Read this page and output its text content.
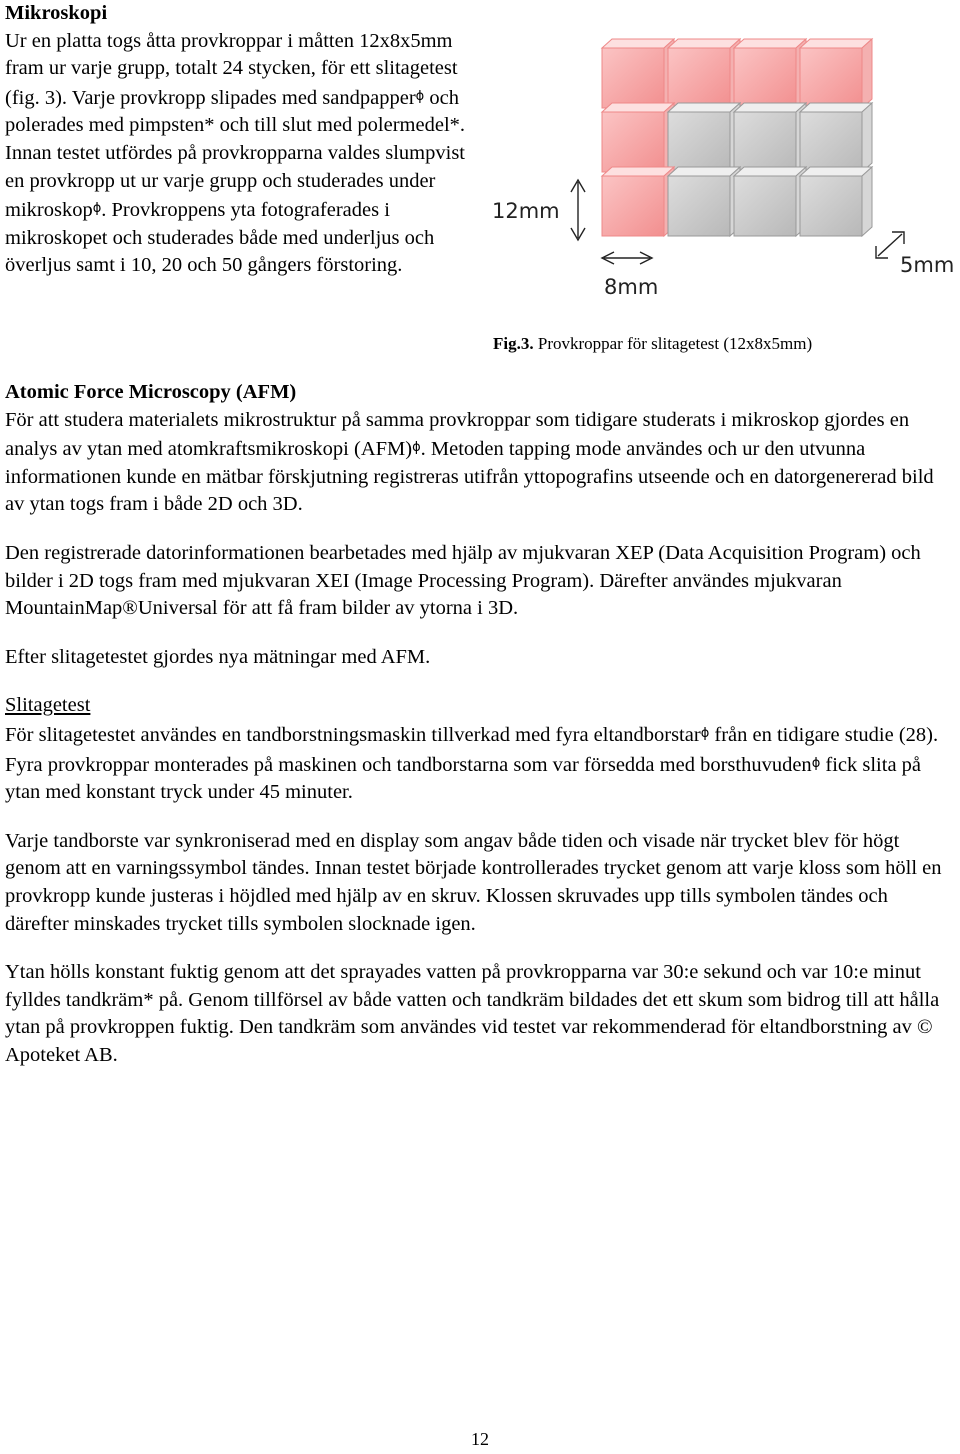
Mikroskopi

Ur en platta togs åtta provkroppar i måtten 12x8x5mm fram ur varje grupp, totalt 24 stycken, för ett slitagetest (fig. 3). Varje provkropp slipades med sandpapperɸ och polerades med pimpsten* och till slut med polermedel*. Innan testet utfördes på provkropparna valdes slumpvist en provkropp ut ur varje grupp och studerades under mikroskopɸ. Provkroppens yta fotograferades i mikroskopet och studerades både med underljus och överljus samt i 10, 20 och 50 gångers förstoring.

12mm
8mm
5mm
Fig.3. Provkroppar för slitagetest (12x8x5mm)

Atomic Force Microscopy (AFM)

För att studera materialets mikrostruktur på samma provkroppar som tidigare studerats i mikroskop gjordes en analys av ytan med atomkraftsmikroskopi (AFM)ɸ. Metoden tapping mode användes och ur den utvunna informationen kunde en mätbar förskjutning registreras utifrån yttopografins utseende och en datorgenererad bild av ytan togs fram i både 2D och 3D.

Den registrerade datorinformationen bearbetades med hjälp av mjukvaran XEP (Data Acquisition Program) och bilder i 2D togs fram med mjukvaran XEI (Image Processing Program). Därefter användes mjukvaran MountainMap®Universal för att få fram bilder av ytorna i 3D.

Efter slitagetestet gjordes nya mätningar med AFM.

Slitagetest

För slitagetestet användes en tandborstningsmaskin tillverkad med fyra eltandborstarɸ från en tidigare studie (28). Fyra provkroppar monterades på maskinen och tandborstarna som var försedda med borsthuvudenɸ fick slita på ytan med konstant tryck under 45 minuter.

Varje tandborste var synkroniserad med en display som angav både tiden och visade när trycket blev för högt genom att en varningssymbol tändes. Innan testet började kontrollerades trycket genom att varje kloss som höll en provkropp kunde justeras i höjdled med hjälp av en skruv. Klossen skruvades upp tills symbolen tändes och därefter minskades trycket tills symbolen slocknade igen.

Ytan hölls konstant fuktig genom att det sprayades vatten på provkropparna var 30:e sekund och var 10:e minut fylldes tandkräm* på. Genom tillförsel av både vatten och tandkräm bildades det ett skum som bidrog till att hålla ytan på provkroppen fuktig. Den tandkräm som användes vid testet var rekommenderad för eltandborstning av © Apoteket AB.

12
